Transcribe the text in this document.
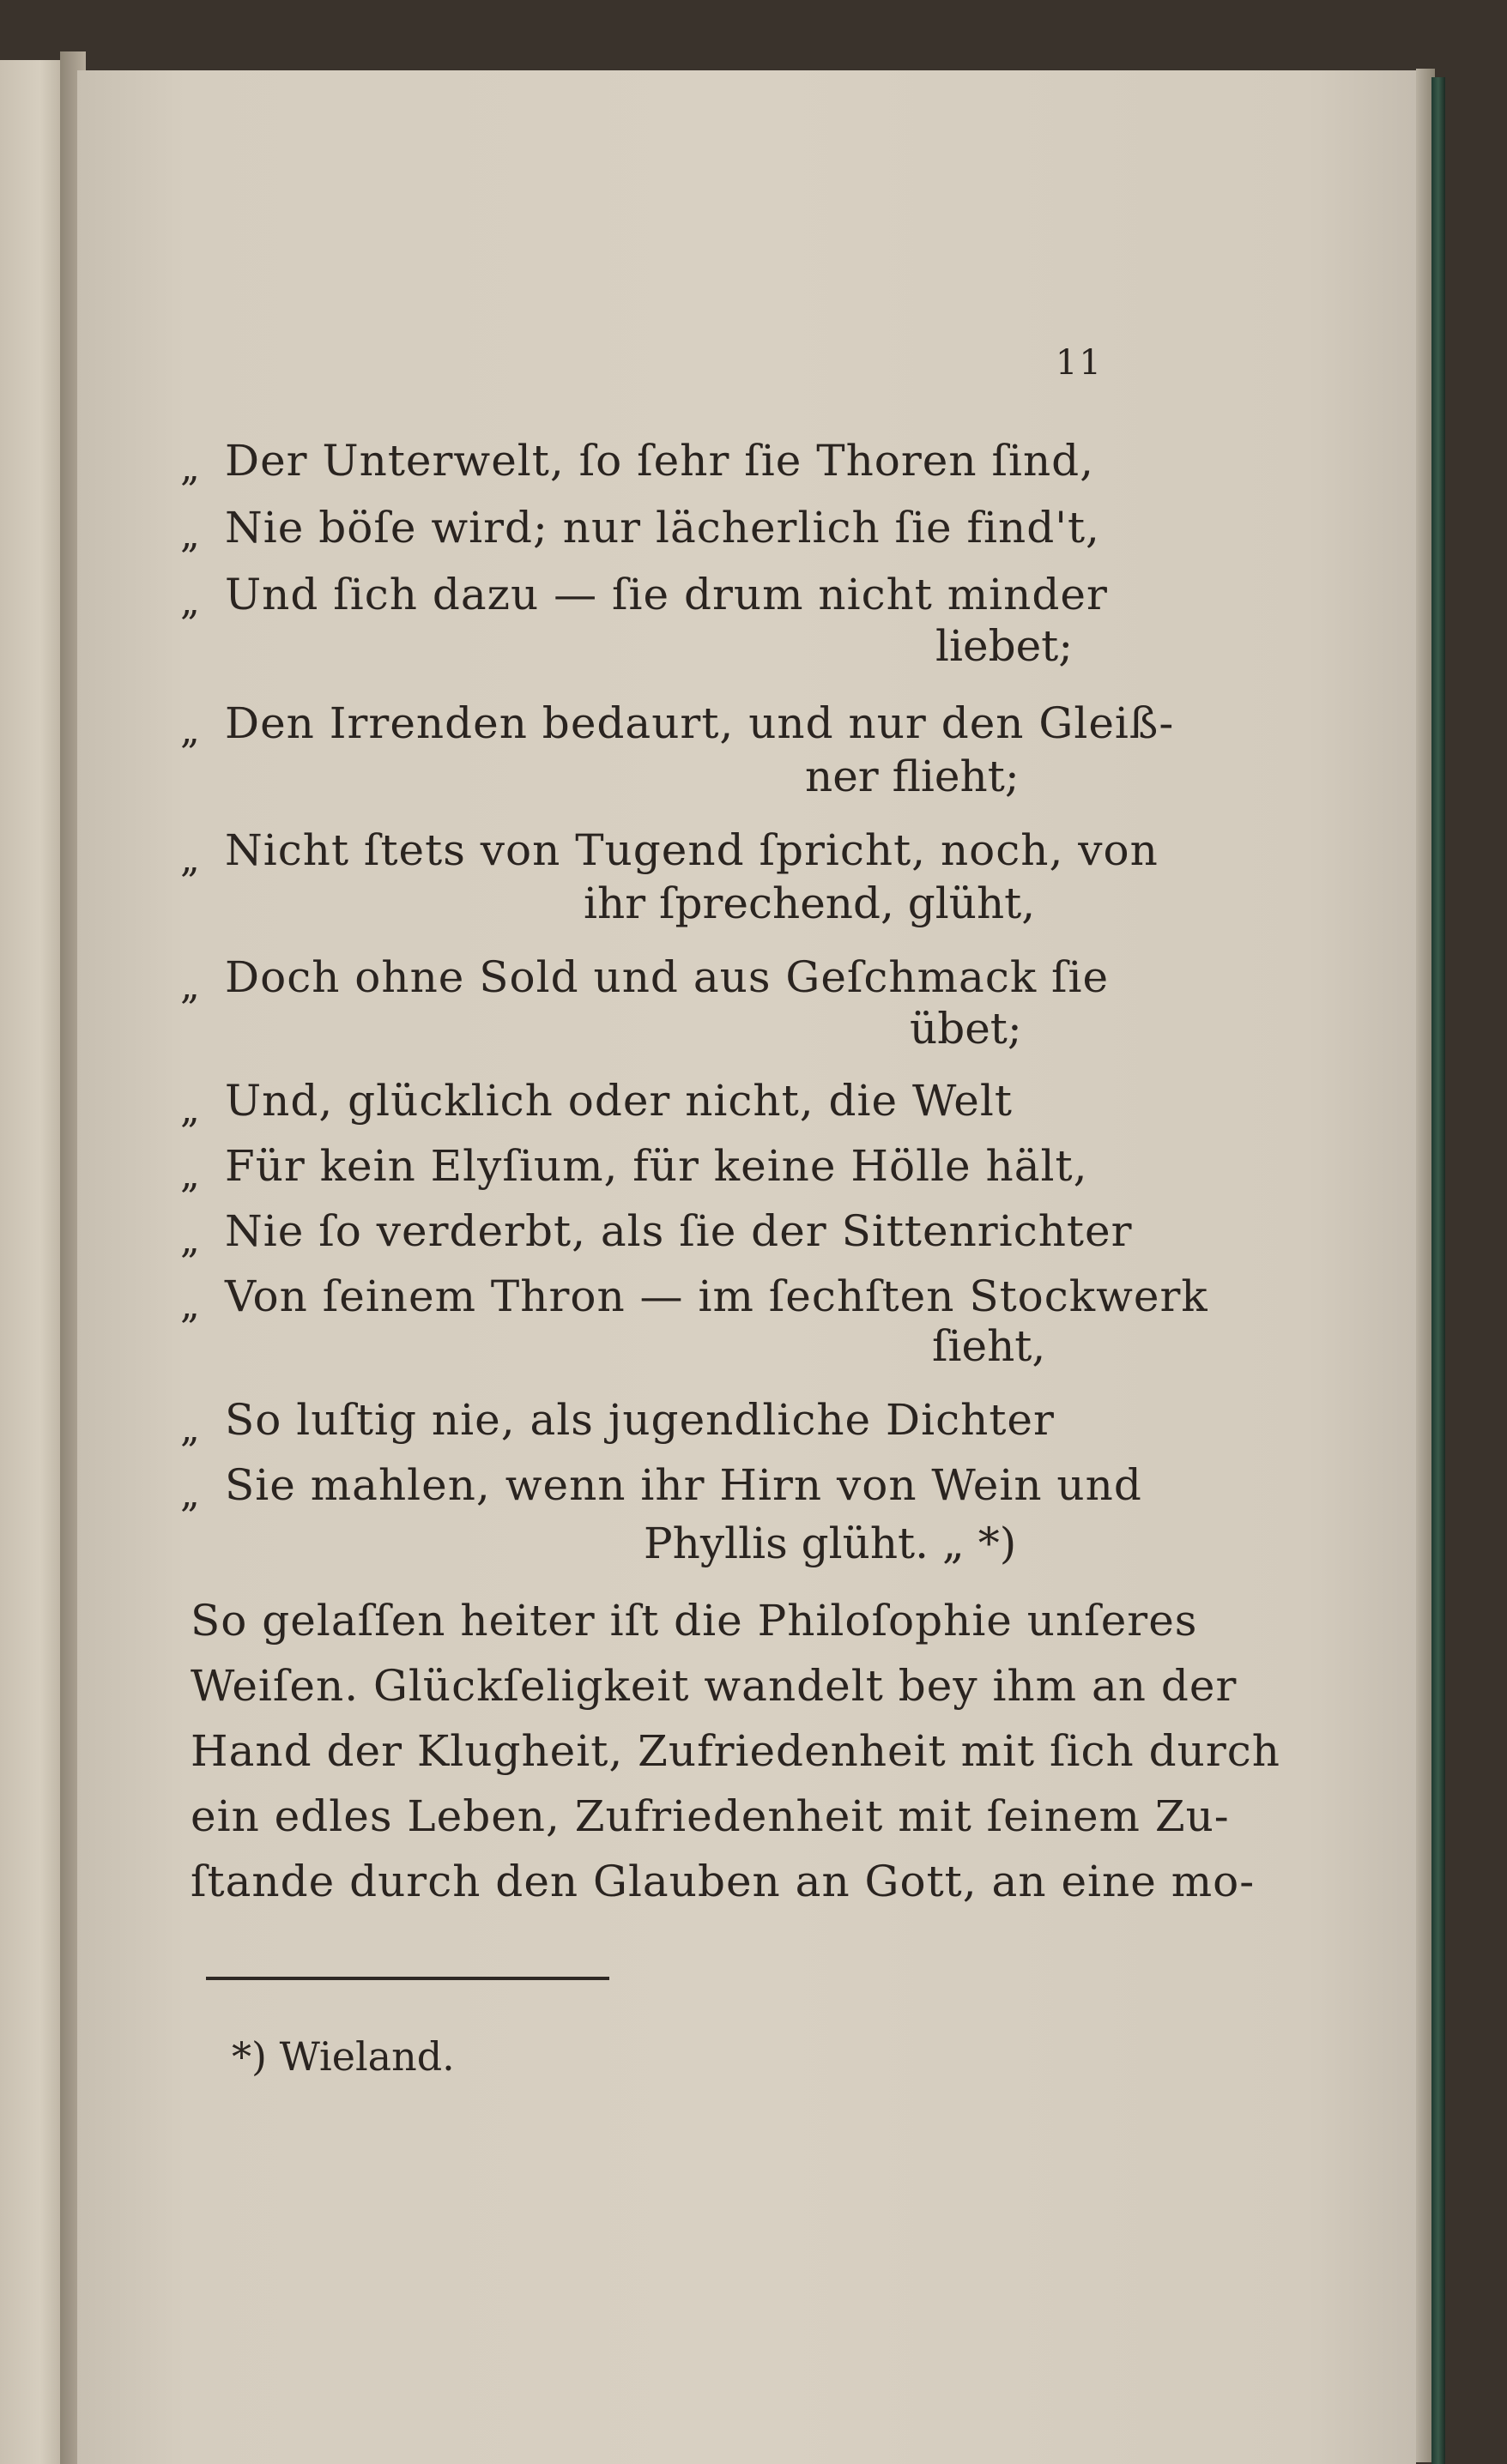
11
„ Der Unterwelt, ſo ſehr ſie Thoren ſind,
„ Nie böſe wird; nur lächerlich ſie find't,
„ Und ſich dazu — ſie drum nicht minder
liebet;
„ Den Irrenden bedaurt, und nur den Gleiß-
ner flieht;
„ Nicht ſtets von Tugend ſpricht, noch, von
ihr ſprechend, glüht,
„ Doch ohne Sold und aus Geſchmack ſie
übet;
„ Und, glücklich oder nicht, die Welt
„ Für kein Elyſium, für keine Hölle hält,
„ Nie ſo verderbt, als ſie der Sittenrichter
„ Von ſeinem Thron — im ſechſten Stockwerk
ſieht,
„ So luſtig nie, als jugendliche Dichter
„ Sie mahlen, wenn ihr Hirn von Wein und
Phyllis glüht. „ *)
So gelaſſen heiter iſt die Philoſophie unſeres
Weiſen. Glückſeligkeit wandelt bey ihm an der
Hand der Klugheit, Zufriedenheit mit ſich durch
ein edles Leben, Zufriedenheit mit ſeinem Zu-
ſtande durch den Glauben an Gott, an eine mo-
*) Wieland.
